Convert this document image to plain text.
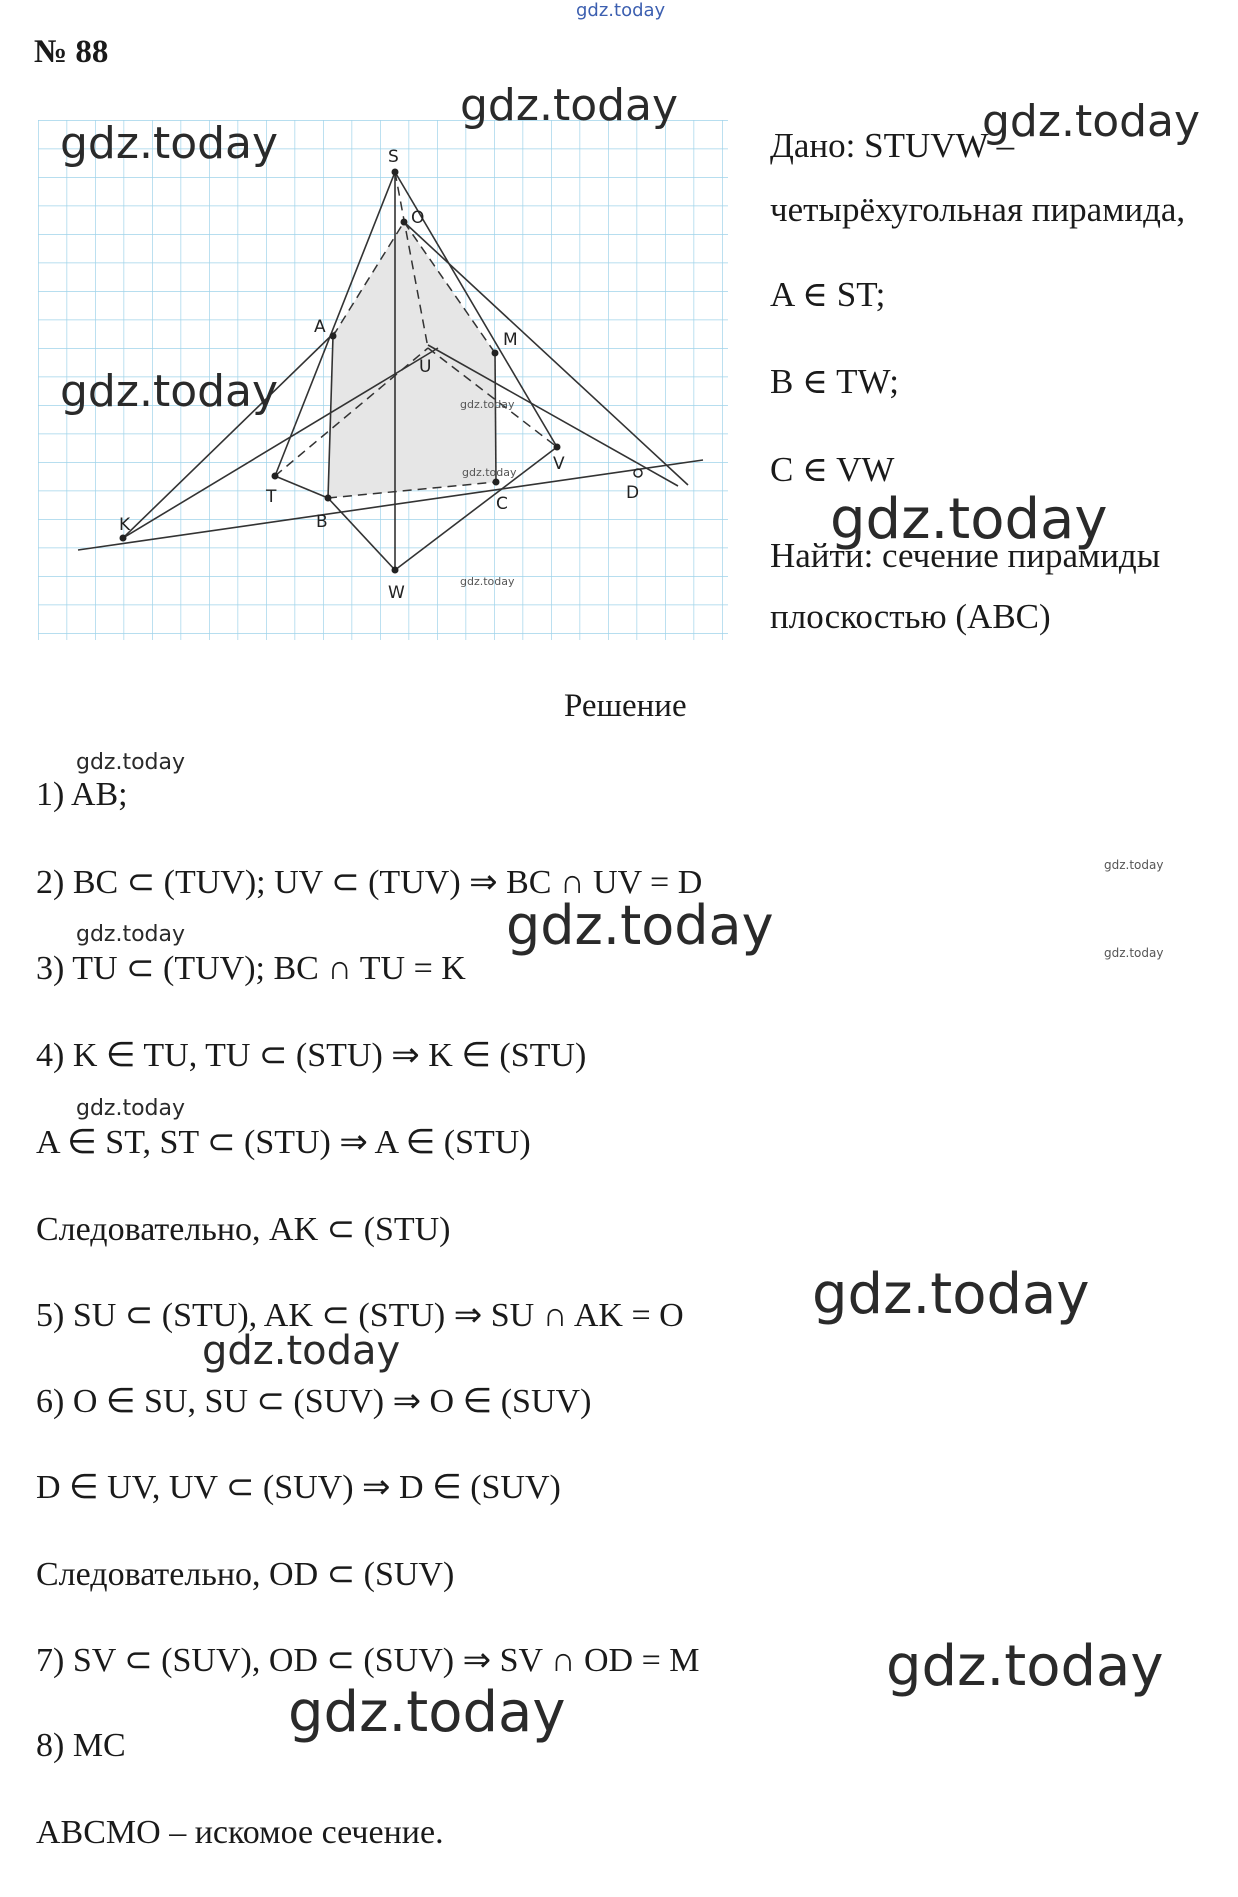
gdz.today
№ 88
S
O
A
M
U
V
T	D
C
B
K
W
gdz.today
gdz.today
gdz.today
gdz.today
gdz.today
gdz.today
gdz.today
Дано: STUVW –
четырёхугольная пирамида,
A ∈ ST;
B ∈ TW;
C ∈ VW
gdz.today
Найти: сечение пирамиды
плоскостью (ABC)
Решение
gdz.today
1) AB;
2) BC ⊂ (TUV); UV ⊂ (TUV) ⇒ BC ∩ UV = D	gdz.today
gdz.today
gdz.today
3) TU ⊂ (TUV); BC ∩ TU = K	gdz.today
4) K ∈ TU, TU ⊂ (STU) ⇒ K ∈ (STU)
gdz.today
A ∈ ST, ST ⊂ (STU) ⇒ A ∈ (STU)
Следовательно, AK ⊂ (STU)
5) SU ⊂ (STU), AK ⊂ (STU) ⇒ SU ∩ AK = O gdz.today
gdz.today
6) O ∈ SU, SU ⊂ (SUV) ⇒ O ∈ (SUV)
D ∈ UV, UV ⊂ (SUV) ⇒ D ∈ (SUV)
Следовательно, OD ⊂ (SUV)
7) SV ⊂ (SUV), OD ⊂ (SUV) ⇒ SV ∩ OD = M	gdz.today
gdz.today
8) MC
ABCMO – искомое сечение.
